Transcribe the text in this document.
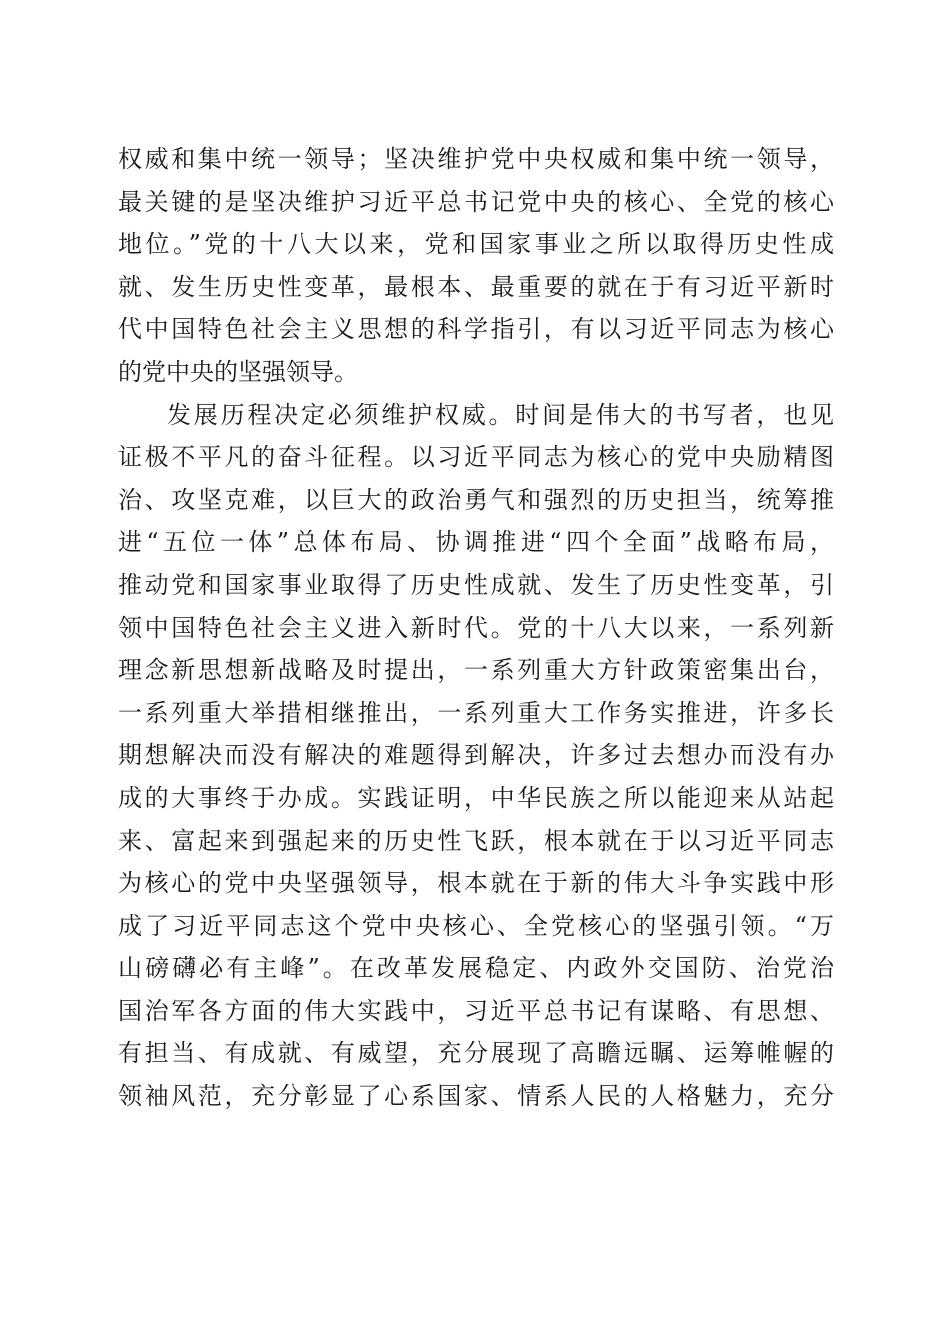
权威和集中统一领导；坚决维护党中央权威和集中统一领导，
最关键的是坚决维护习近平总书记党中央的核心、全党的核心
地位。”党的十八大以来，党和国家事业之所以取得历史性成
就、发生历史性变革，最根本、最重要的就在于有习近平新时
代中国特色社会主义思想的科学指引，有以习近平同志为核心
的党中央的坚强领导。
发展历程决定必须维护权威。时间是伟大的书写者，也见
证极不平凡的奋斗征程。以习近平同志为核心的党中央励精图
治、攻坚克难，以巨大的政治勇气和强烈的历史担当，统筹推
进“五位一体”总体布局、协调推进“四个全面”战略布局，
推动党和国家事业取得了历史性成就、发生了历史性变革，引
领中国特色社会主义进入新时代。党的十八大以来，一系列新
理念新思想新战略及时提出，一系列重大方针政策密集出台，
一系列重大举措相继推出，一系列重大工作务实推进，许多长
期想解决而没有解决的难题得到解决，许多过去想办而没有办
成的大事终于办成。实践证明，中华民族之所以能迎来从站起
来、富起来到强起来的历史性飞跃，根本就在于以习近平同志
为核心的党中央坚强领导，根本就在于新的伟大斗争实践中形
成了习近平同志这个党中央核心、全党核心的坚强引领。“万
山磅礴必有主峰”。在改革发展稳定、内政外交国防、治党治
国治军各方面的伟大实践中，习近平总书记有谋略、有思想、
有担当、有成就、有威望，充分展现了高瞻远瞩、运筹帷幄的
领袖风范，充分彰显了心系国家、情系人民的人格魅力，充分
